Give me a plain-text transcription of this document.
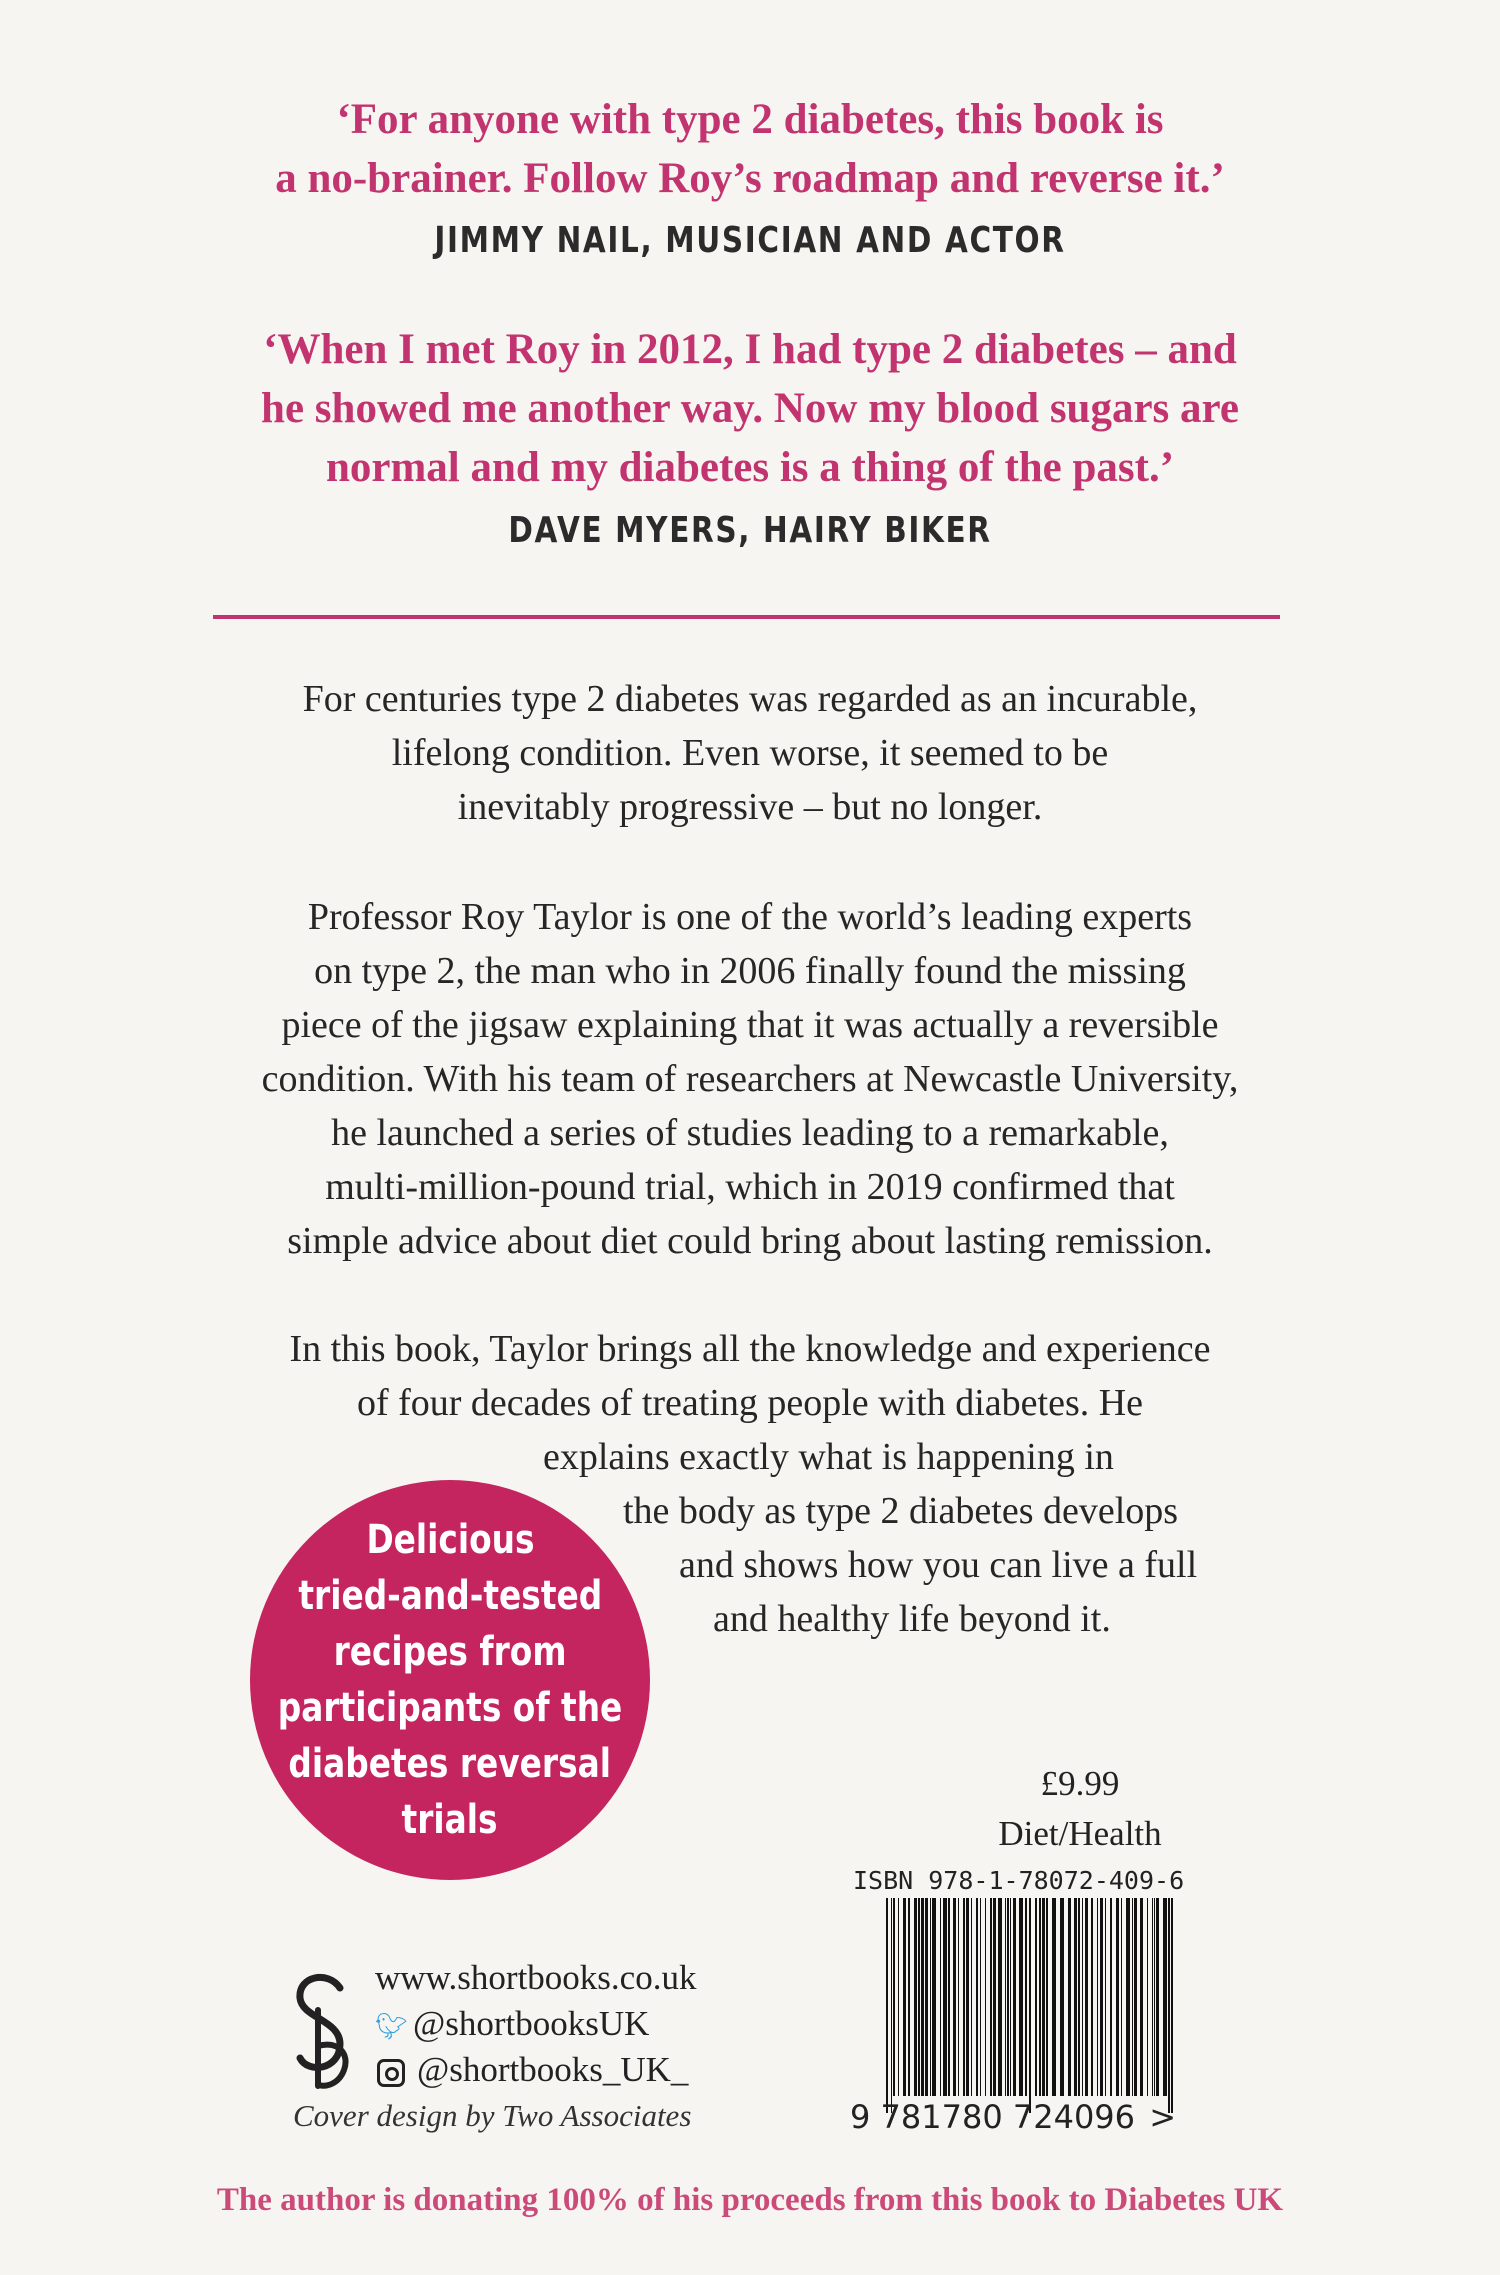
‘For anyone with type 2 diabetes, this book is
a no-brainer. Follow Roy’s roadmap and reverse it.’
JIMMY NAIL, MUSICIAN AND ACTOR
‘When I met Roy in 2012, I had type 2 diabetes – and
he showed me another way. Now my blood sugars are
normal and my diabetes is a thing of the past.’
DAVE MYERS, HAIRY BIKER
For centuries type 2 diabetes was regarded as an incurable,
lifelong condition. Even worse, it seemed to be
inevitably progressive – but no longer.
Professor Roy Taylor is one of the world’s leading experts
on type 2, the man who in 2006 finally found the missing
piece of the jigsaw explaining that it was actually a reversible
condition. With his team of researchers at Newcastle University,
he launched a series of studies leading to a remarkable,
multi-million-pound trial, which in 2019 confirmed that
simple advice about diet could bring about lasting remission.
In this book, Taylor brings all the knowledge and experience
of four decades of treating people with diabetes. He
explains exactly what is happening in
the body as type 2 diabetes develops
and shows how you can live a full
and healthy life beyond it.
Delicious
tried-and-tested
recipes from
participants of the
diabetes reversal
trials
£9.99
Diet/Health
ISBN 978-1-78072-409-6
9 781780 724096 >
www.shortbooks.co.uk
🐦︎ @shortbooksUK
@shortbooks_UK_
Cover design by Two Associates
The author is donating 100% of his proceeds from this book to Diabetes UK
